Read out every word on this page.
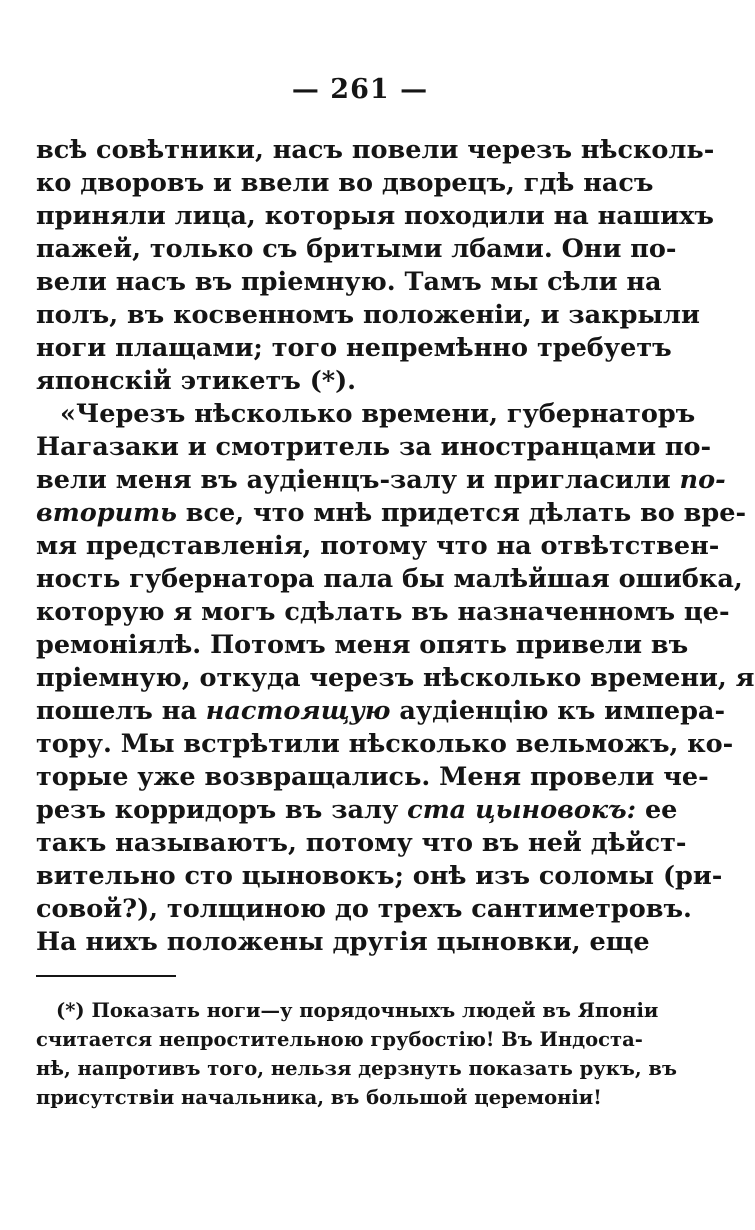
— 261 —
всѣ совѣтники, насъ повели черезъ нѣсколь-
ко дворовъ и ввели во дворецъ, гдѣ насъ
приняли лица, которыя походили на нашихъ
пажей, только съ бритыми лбами. Они по-
вели насъ въ пріемную. Тамъ мы сѣли на
полъ, въ косвенномъ положеніи, и закрыли
ноги плащами; того непремѣнно требуетъ
японскій этикетъ (*).
«Черезъ нѣсколько времени, губернаторъ
Нагазаки и смотритель за иностранцами по-
вели меня въ аудіенцъ-залу и пригласили по-
вторить все, что мнѣ придется дѣлать во вре-
мя представленія, потому что на отвѣтствен-
ность губернатора пала бы малѣйшая ошибка,
которую я могъ сдѣлать въ назначенномъ це-
ремоніялѣ. Потомъ меня опять привели въ
пріемную, откуда черезъ нѣсколько времени, я
пошелъ на настоящую аудіенцію къ импера-
тору. Мы встрѣтили нѣсколько вельможъ, ко-
торые уже возвращались. Меня провели че-
резъ корридоръ въ залу ста цыновокъ: ее
такъ называютъ, потому что въ ней дѣйст-
вительно сто цыновокъ; онѣ изъ соломы (ри-
совой?), толщиною до трехъ сантиметровъ.
На нихъ положены другія цыновки, еще
(*) Показать ноги—у порядочныхъ людей въ Японіи
считается непростительною грубостію! Въ Индоста-
нѣ, напротивъ того, нельзя дерзнуть показать рукъ, въ
присутствіи начальника, въ большой церемоніи!
